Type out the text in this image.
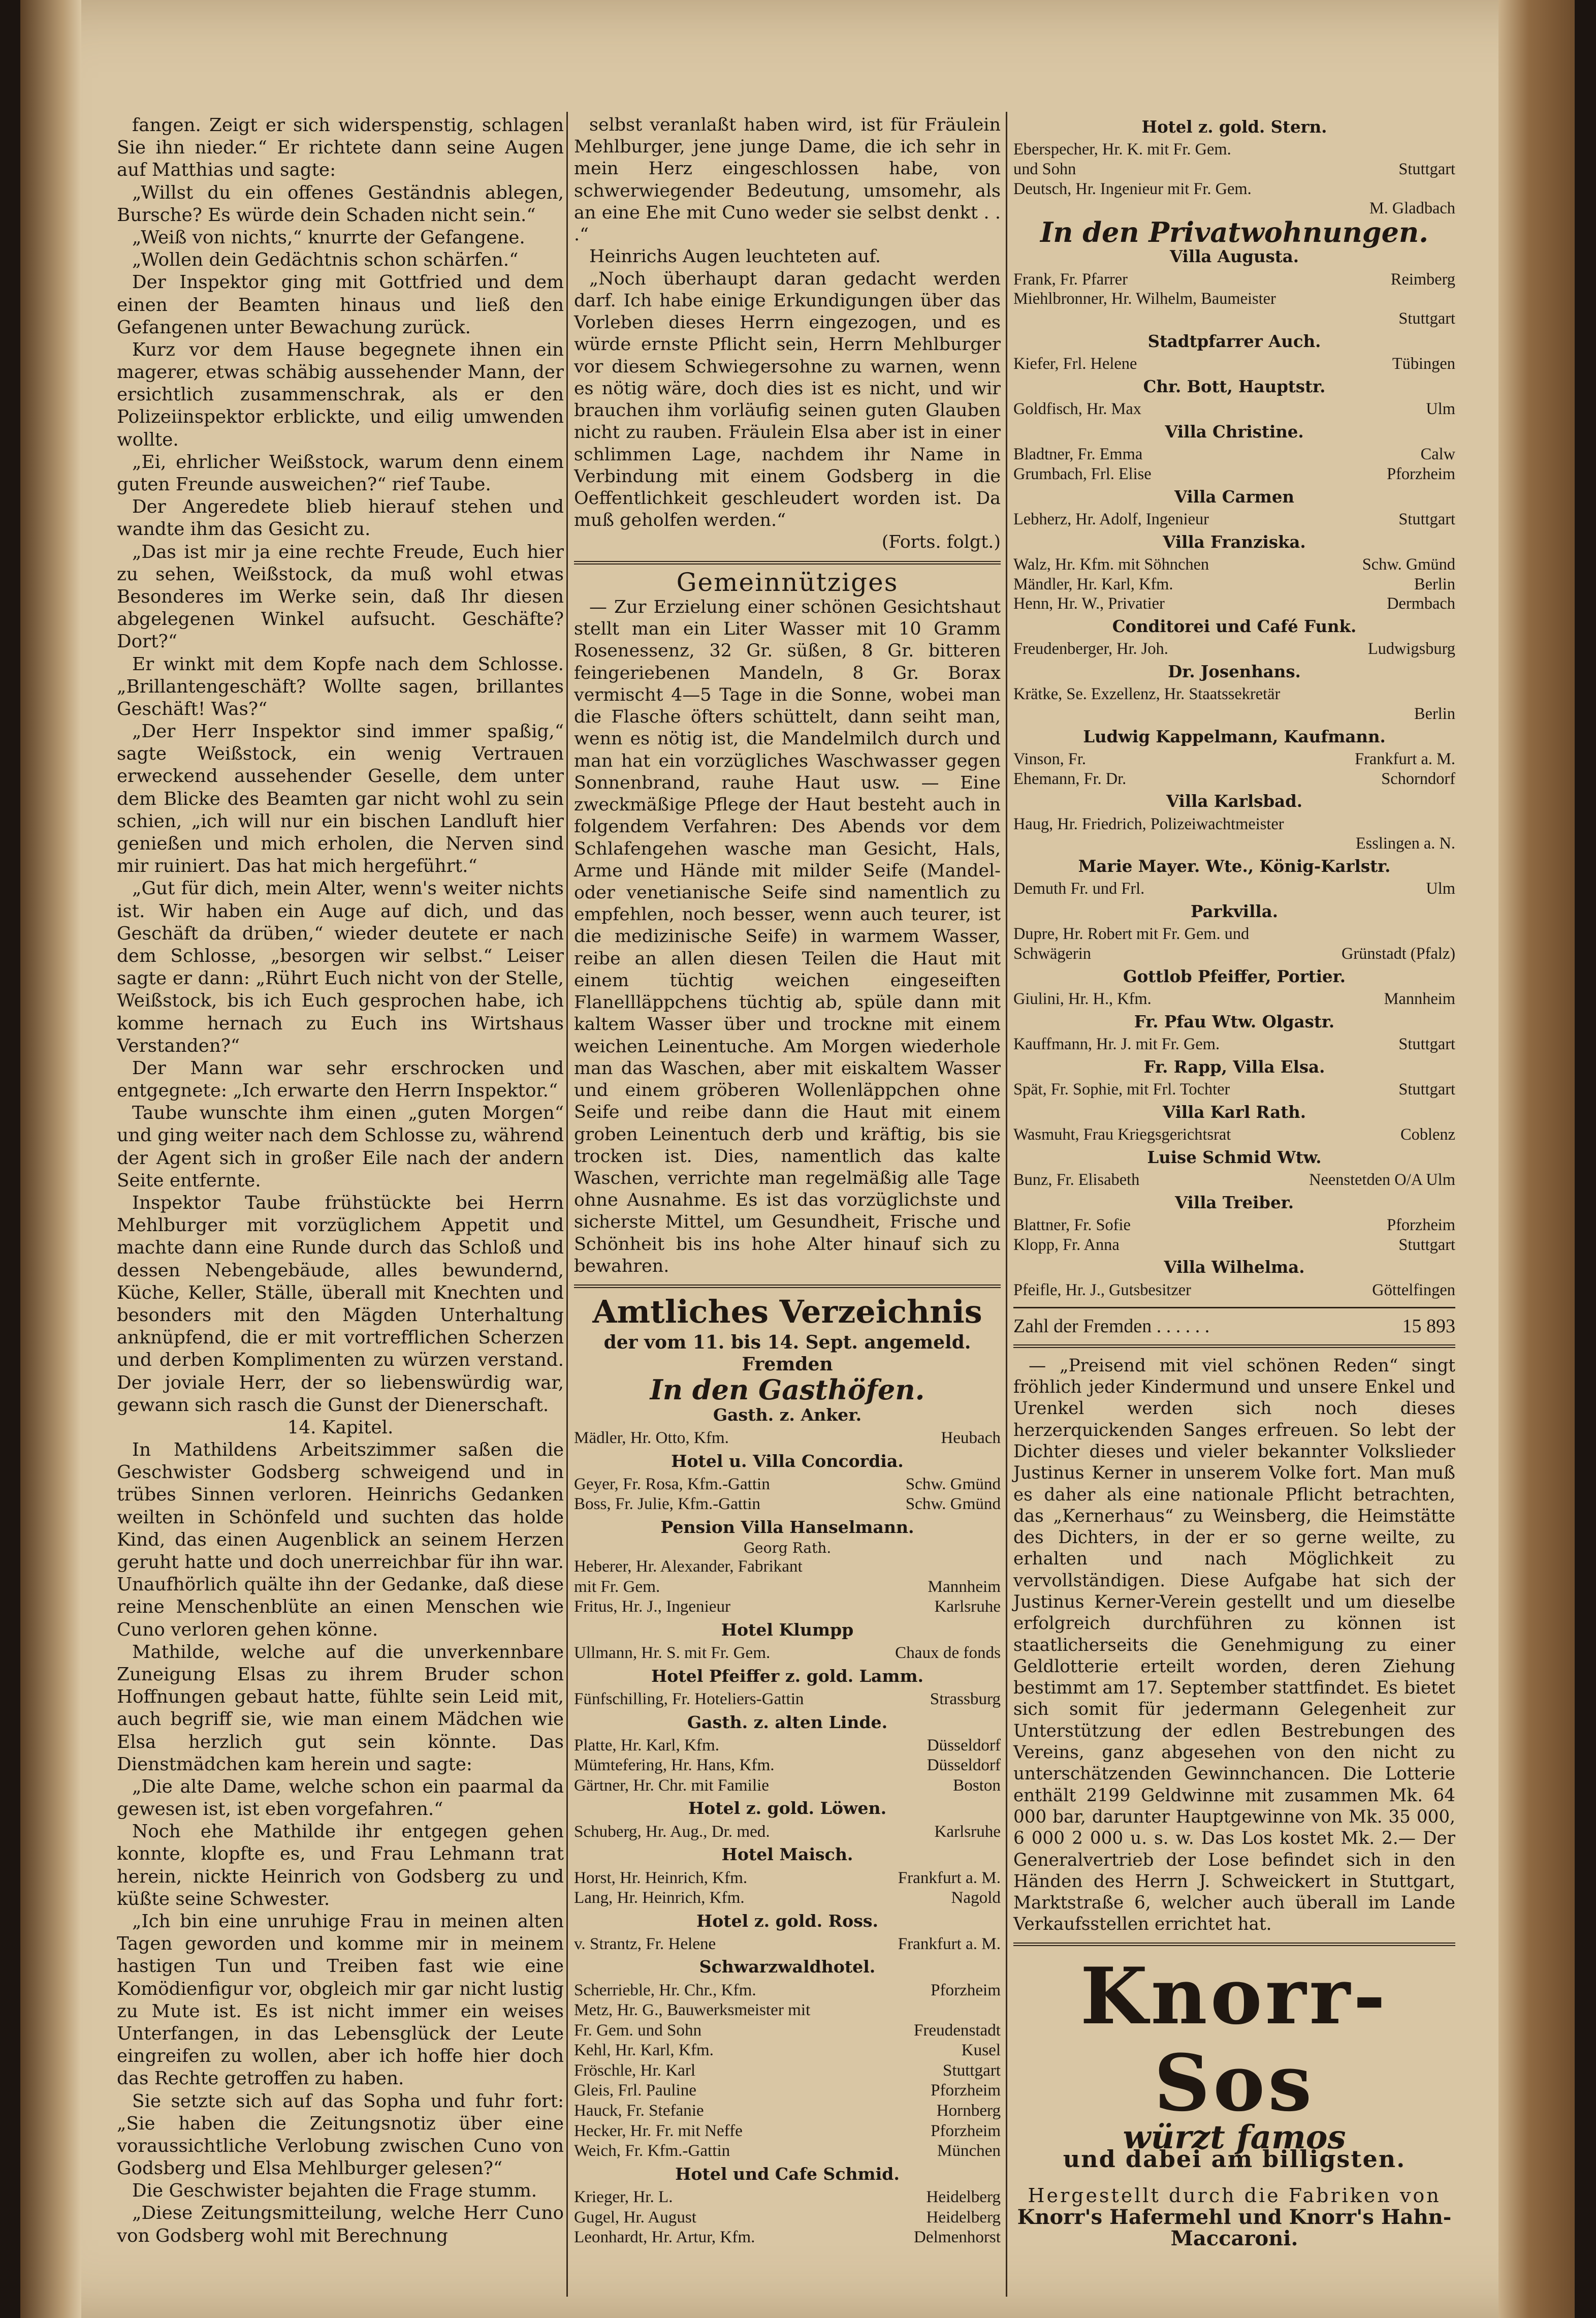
fangen. Zeigt er sich widerspenstig, schlagen Sie ihn nieder.“ Er richtete dann seine Augen auf Matthias und sagte:

„Willst du ein offenes Geständnis ablegen, Bursche? Es würde dein Schaden nicht sein.“

„Weiß von nichts,“ knurrte der Gefangene.

„Wollen dein Gedächtnis schon schärfen.“

Der Inspektor ging mit Gottfried und dem einen der Beamten hinaus und ließ den Gefangenen unter Bewachung zurück.

Kurz vor dem Hause begegnete ihnen ein magerer, etwas schäbig aussehender Mann, der ersichtlich zusammenschrak, als er den Polizeiinspektor erblickte, und eilig umwenden wollte.

„Ei, ehrlicher Weißstock, warum denn einem guten Freunde ausweichen?“ rief Taube.

Der Angeredete blieb hierauf stehen und wandte ihm das Gesicht zu.

„Das ist mir ja eine rechte Freude, Euch hier zu sehen, Weißstock, da muß wohl etwas Besonderes im Werke sein, daß Ihr diesen abgelegenen Winkel aufsucht. Geschäfte? Dort?“

Er winkt mit dem Kopfe nach dem Schlosse. „Brillantengeschäft? Wollte sagen, brillantes Geschäft! Was?“

„Der Herr Inspektor sind immer spaßig,“ sagte Weißstock, ein wenig Vertrauen erweckend aussehender Geselle, dem unter dem Blicke des Beamten gar nicht wohl zu sein schien, „ich will nur ein bischen Landluft hier genießen und mich erholen, die Nerven sind mir ruiniert. Das hat mich hergeführt.“

„Gut für dich, mein Alter, wenn's weiter nichts ist. Wir haben ein Auge auf dich, und das Geschäft da drüben,“ wieder deutete er nach dem Schlosse, „besorgen wir selbst.“ Leiser sagte er dann: „Rührt Euch nicht von der Stelle, Weißstock, bis ich Euch gesprochen habe, ich komme hernach zu Euch ins Wirtshaus Verstanden?“

Der Mann war sehr erschrocken und entgegnete: „Ich erwarte den Herrn Inspektor.“

Taube wunschte ihm einen „guten Morgen“ und ging weiter nach dem Schlosse zu, während der Agent sich in großer Eile nach der andern Seite entfernte.

Inspektor Taube frühstückte bei Herrn Mehlburger mit vorzüglichem Appetit und machte dann eine Runde durch das Schloß und dessen Nebengebäude, alles bewundernd, Küche, Keller, Ställe, überall mit Knechten und besonders mit den Mägden Unterhaltung anknüpfend, die er mit vortrefflichen Scherzen und derben Komplimenten zu würzen verstand. Der joviale Herr, der so liebenswürdig war, gewann sich rasch die Gunst der Dienerschaft.

14. Kapitel.

In Mathildens Arbeitszimmer saßen die Geschwister Godsberg schweigend und in trübes Sinnen verloren. Heinrichs Gedanken weilten in Schönfeld und suchten das holde Kind, das einen Augenblick an seinem Herzen geruht hatte und doch unerreichbar für ihn war. Unaufhörlich quälte ihn der Gedanke, daß diese reine Menschenblüte an einen Menschen wie Cuno verloren gehen könne.

Mathilde, welche auf die unverkennbare Zuneigung Elsas zu ihrem Bruder schon Hoffnungen gebaut hatte, fühlte sein Leid mit, auch begriff sie, wie man einem Mädchen wie Elsa herzlich gut sein könnte. Das Dienstmädchen kam herein und sagte:

„Die alte Dame, welche schon ein paarmal da gewesen ist, ist eben vorgefahren.“

Noch ehe Mathilde ihr entgegen gehen konnte, klopfte es, und Frau Lehmann trat herein, nickte Heinrich von Godsberg zu und küßte seine Schwester.

„Ich bin eine unruhige Frau in meinen alten Tagen geworden und komme mir in meinem hastigen Tun und Treiben fast wie eine Komödienfigur vor, obgleich mir gar nicht lustig zu Mute ist. Es ist nicht immer ein weises Unterfangen, in das Lebensglück der Leute eingreifen zu wollen, aber ich hoffe hier doch das Rechte getroffen zu haben.

Sie setzte sich auf das Sopha und fuhr fort: „Sie haben die Zeitungsnotiz über eine voraussichtliche Verlobung zwischen Cuno von Godsberg und Elsa Mehlburger gelesen?“

Die Geschwister bejahten die Frage stumm.

„Diese Zeitungsmitteilung, welche Herr Cuno von Godsberg wohl mit Berechnung

selbst veranlaßt haben wird, ist für Fräulein Mehlburger, jene junge Dame, die ich sehr in mein Herz eingeschlossen habe, von schwerwiegender Bedeutung, umsomehr, als an eine Ehe mit Cuno weder sie selbst denkt . . .“

Heinrichs Augen leuchteten auf.

„Noch überhaupt daran gedacht werden darf. Ich habe einige Erkundigungen über das Vorleben dieses Herrn eingezogen, und es würde ernste Pflicht sein, Herrn Mehlburger vor diesem Schwiegersohne zu warnen, wenn es nötig wäre, doch dies ist es nicht, und wir brauchen ihm vorläufig seinen guten Glauben nicht zu rauben. Fräulein Elsa aber ist in einer schlimmen Lage, nachdem ihr Name in Verbindung mit einem Godsberg in die Oeffentlichkeit geschleudert worden ist. Da muß geholfen werden.“

(Forts. folgt.)
Gemeinnütziges

— Zur Erzielung einer schönen Gesichtshaut stellt man ein Liter Wasser mit 10 Gramm Rosenessenz, 32 Gr. süßen, 8 Gr. bitteren feingeriebenen Mandeln, 8 Gr. Borax vermischt 4—5 Tage in die Sonne, wobei man die Flasche öfters schüttelt, dann seiht man, wenn es nötig ist, die Mandelmilch durch und man hat ein vorzügliches Waschwasser gegen Sonnenbrand, rauhe Haut usw. — Eine zweckmäßige Pflege der Haut besteht auch in folgendem Verfahren: Des Abends vor dem Schlafengehen wasche man Gesicht, Hals, Arme und Hände mit milder Seife (Mandel- oder venetianische Seife sind namentlich zu empfehlen, noch besser, wenn auch teurer, ist die medizinische Seife) in warmem Wasser, reibe an allen diesen Teilen die Haut mit einem tüchtig weichen eingeseiften Flanellläppchens tüchtig ab, spüle dann mit kaltem Wasser über und trockne mit einem weichen Leinentuche. Am Morgen wiederhole man das Waschen, aber mit eiskaltem Wasser und einem gröberen Wollenläppchen ohne Seife und reibe dann die Haut mit einem groben Leinentuch derb und kräftig, bis sie trocken ist. Dies, namentlich das kalte Waschen, verrichte man regelmäßig alle Tage ohne Ausnahme. Es ist das vorzüglichste und sicherste Mittel, um Gesundheit, Frische und Schönheit bis ins hohe Alter hinauf sich zu bewahren.

Amtliches Verzeichnis
der vom 11. bis 14. Sept. angemeld. Fremden
In den Gasthöfen.
Gasth. z. Anker.
Mädler, Hr. Otto, Kfm.	Heubach
Hotel u. Villa Concordia.
Geyer, Fr. Rosa, Kfm.-Gattin	Schw. Gmünd
Boss, Fr. Julie, Kfm.-Gattin	Schw. Gmünd
Pension Villa Hanselmann.
Georg Rath.
Heberer, Hr. Alexander, Fabrikant
mit Fr. Gem.	Mannheim
Fritus, Hr. J., Ingenieur	Karlsruhe
Hotel Klumpp
Ullmann, Hr. S. mit Fr. Gem.	Chaux de fonds
Hotel Pfeiffer z. gold. Lamm.
Fünfschilling, Fr. Hoteliers-Gattin	Strassburg
Gasth. z. alten Linde.
Platte, Hr. Karl, Kfm.	Düsseldorf
Mümtefering, Hr. Hans, Kfm.	Düsseldorf
Gärtner, Hr. Chr. mit Familie	Boston
Hotel z. gold. Löwen.
Schuberg, Hr. Aug., Dr. med.	Karlsruhe
Hotel Maisch.
Horst, Hr. Heinrich, Kfm.	Frankfurt a. M.
Lang, Hr. Heinrich, Kfm.	Nagold
Hotel z. gold. Ross.
v. Strantz, Fr. Helene	Frankfurt a. M.
Schwarzwaldhotel.
Scherrieble, Hr. Chr., Kfm.	Pforzheim
Metz, Hr. G., Bauwerksmeister mit
Fr. Gem. und Sohn	Freudenstadt
Kehl, Hr. Karl, Kfm.	Kusel
Fröschle, Hr. Karl	Stuttgart
Gleis, Frl. Pauline	Pforzheim
Hauck, Fr. Stefanie	Hornberg
Hecker, Hr. Fr. mit Neffe	Pforzheim
Weich, Fr. Kfm.-Gattin	München
Hotel und Cafe Schmid.
Krieger, Hr. L.	Heidelberg
Gugel, Hr. August	Heidelberg
Leonhardt, Hr. Artur, Kfm.	Delmenhorst
Hotel z. gold. Stern.
Eberspecher, Hr. K. mit Fr. Gem.
und Sohn	Stuttgart
Deutsch, Hr. Ingenieur mit Fr. Gem.
M. Gladbach
In den Privatwohnungen.
Villa Augusta.
Frank, Fr. Pfarrer	Reimberg
Miehlbronner, Hr. Wilhelm, Baumeister
Stuttgart
Stadtpfarrer Auch.
Kiefer, Frl. Helene	Tübingen
Chr. Bott, Hauptstr.
Goldfisch, Hr. Max	Ulm
Villa Christine.
Bladtner, Fr. Emma	Calw
Grumbach, Frl. Elise	Pforzheim
Villa Carmen
Lebherz, Hr. Adolf, Ingenieur	Stuttgart
Villa Franziska.
Walz, Hr. Kfm. mit Söhnchen	Schw. Gmünd
Mändler, Hr. Karl, Kfm.	Berlin
Henn, Hr. W., Privatier	Dermbach
Conditorei und Café Funk.
Freudenberger, Hr. Joh.	Ludwigsburg
Dr. Josenhans.
Krätke, Se. Exzellenz, Hr. Staatssekretär
Berlin
Ludwig Kappelmann, Kaufmann.
Vinson, Fr.	Frankfurt a. M.
Ehemann, Fr. Dr.	Schorndorf
Villa Karlsbad.
Haug, Hr. Friedrich, Polizeiwachtmeister
Esslingen a. N.
Marie Mayer. Wte., König-Karlstr.
Demuth Fr. und Frl.	Ulm
Parkvilla.
Dupre, Hr. Robert mit Fr. Gem. und
Schwägerin	Grünstadt (Pfalz)
Gottlob Pfeiffer, Portier.
Giulini, Hr. H., Kfm.	Mannheim
Fr. Pfau Wtw. Olgastr.
Kauffmann, Hr. J. mit Fr. Gem.	Stuttgart
Fr. Rapp, Villa Elsa.
Spät, Fr. Sophie, mit Frl. Tochter	Stuttgart
Villa Karl Rath.
Wasmuht, Frau Kriegsgerichtsrat	Coblenz
Luise Schmid Wtw.
Bunz, Fr. Elisabeth	Neenstetden O/A Ulm
Villa Treiber.
Blattner, Fr. Sofie	Pforzheim
Klopp, Fr. Anna	Stuttgart
Villa Wilhelma.
Pfeifle, Hr. J., Gutsbesitzer	Göttelfingen
Zahl der Fremden . . . . . .	15 893

— „Preisend mit viel schönen Reden“ singt fröhlich jeder Kindermund und unsere Enkel und Urenkel werden sich noch dieses herzerquickenden Sanges erfreuen. So lebt der Dichter dieses und vieler bekannter Volkslieder Justinus Kerner in unserem Volke fort. Man muß es daher als eine nationale Pflicht betrachten, das „Kernerhaus“ zu Weinsberg, die Heimstätte des Dichters, in der er so gerne weilte, zu erhalten und nach Möglichkeit zu vervollständigen. Diese Aufgabe hat sich der Justinus Kerner-Verein gestellt und um dieselbe erfolgreich durchführen zu können ist staatlicherseits die Genehmigung zu einer Geldlotterie erteilt worden, deren Ziehung bestimmt am 17. September stattfindet. Es bietet sich somit für jedermann Gelegenheit zur Unterstützung der edlen Bestrebungen des Vereins, ganz abgesehen von den nicht zu unterschätzenden Gewinnchancen. Die Lotterie enthält 2199 Geldwinne mit zusammen Mk. 64 000 bar, darunter Hauptgewinne von Mk. 35 000, 6 000 2 000 u. s. w. Das Los kostet Mk. 2.— Der Generalvertrieb der Lose befindet sich in den Händen des Herrn J. Schweickert in Stuttgart, Marktstraße 6, welcher auch überall im Lande Verkaufsstellen errichtet hat.

Knorr-Sos
würzt famos
und dabei am billigsten.
Hergestellt durch die Fabriken von
Knorr's Hafermehl und Knorr's Hahn-
Maccaroni.
